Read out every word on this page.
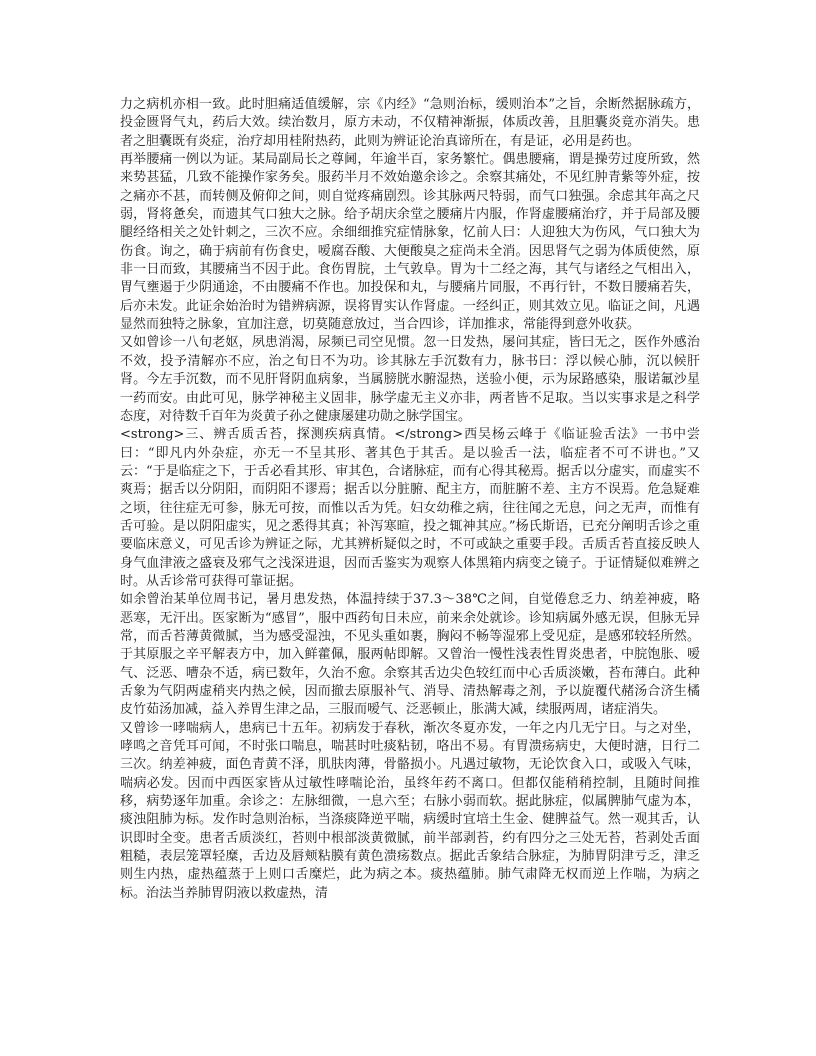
力之病机亦相一致。此时胆痛适值缓解，宗《内经》“急则治标，缓则治本”之旨，余断然据脉疏方，投金匮肾气丸，药后大效。续治数月，原方未动，不仅精神渐振，体质改善，且胆囊炎竟亦消失。患者之胆囊既有炎症，治疗却用桂附热药，此则为辨证论治真谛所在，有是证，必用是药也。

再举腰痛一例以为证。某局副局长之尊阃，年逾半百，家务繁忙。偶患腰痛，谓是操劳过度所致，然来势甚猛，几致不能操作家务矣。服药半月不效始邀余诊之。余察其痛处，不见红肿青紫等外症，按之痛亦不甚，而转侧及俯仰之间，则自觉疼痛剧烈。诊其脉两尺特弱，而气口独强。余虑其年高之尺弱，肾将惫矣，而遗其气口独大之脉。给予胡庆余堂之腰痛片内服，作肾虚腰痛治疗，并于局部及腰腿经络相关之处针刺之，三次不应。余细细推究症情脉象，忆前人曰：人迎独大为伤风，气口独大为伤食。询之，确于病前有伤食史，嗳腐吞酸、大便酸臭之症尚未全消。因思肾气之弱为体质使然，原非一日而致，其腰痛当不因于此。食伤胃脘，土气敦阜。胃为十二经之海，其气与诸经之气相出入，胃气壅遏于少阴通途，不由腰痛不作也。加投保和丸，与腰痛片同服，不再行针，不数日腰痛若失，后亦未发。此证余始治时为错辨病源，误将胃实认作肾虚。一经纠正，则其效立见。临证之间，凡遇显然而独特之脉象，宜加注意，切莫随意放过，当合四诊，详加推求，常能得到意外收获。

又如曾诊一八旬老妪，夙患消渴，尿频已司空见惯。忽一日发热，屡问其症，皆曰无之，医作外感治不效，投予清解亦不应，治之旬日不为功。诊其脉左手沉数有力，脉书曰：浮以候心肺，沉以候肝肾。今左手沉数，而不见肝肾阴血病象，当属膀胱水腑湿热，送验小便，示为尿路感染，服诺氟沙星一药而安。由此可见，脉学神秘主义固非，脉学虚无主义亦非，两者皆不足取。当以实事求是之科学态度，对待数千百年为炎黄子孙之健康屡建功勋之脉学国宝。

<strong>三、辨舌质舌苔，探测疾病真情。</strong>西吴杨云峰于《临证验舌法》一书中尝曰：“即凡内外杂症，亦无一不呈其形、著其色于其舌。是以验舌一法，临症者不可不讲也。”又云：“于是临症之下，于舌必看其形、审其色，合诸脉症，而有心得其秘焉。据舌以分虚实，而虚实不爽焉；据舌以分阴阳，而阴阳不谬焉；据舌以分脏腑、配主方，而脏腑不差、主方不误焉。危急疑难之顷，往往症无可参，脉无可按，而惟以舌为凭。妇女幼稚之病，往往闻之无息，问之无声，而惟有舌可验。是以阴阳虚实，见之悉得其真；补泻寒暄，投之辄神其应。”杨氏斯语，已充分阐明舌诊之重要临床意义，可见舌诊为辨证之际，尤其辨析疑似之时，不可或缺之重要手段。舌质舌苔直接反映人身气血津液之盛衰及邪气之浅深进退，因而舌鉴实为观察人体黑箱内病变之镜子。于证情疑似难辨之时。从舌诊常可获得可靠证据。

如余曾治某单位周书记，暑月患发热，体温持续于37.3～38℃之间，自觉倦怠乏力、纳差神疲，略恶寒，无汗出。医家断为“感冒”，服中西药旬日未应，前来余处就诊。诊知病属外感无误，但脉无异常，而舌苔薄黄微腻，当为感受湿浊，不见头重如裹，胸闷不畅等湿邪上受见症，是感邪较轻所然。于其原服之辛平解表方中，加入鲜藿佩，服两帖即解。又曾治一慢性浅表性胃炎患者，中脘饱胀、嗳气、泛恶、嘈杂不适，病已数年，久治不愈。余察其舌边尖色较红而中心舌质淡嫩，苔布薄白。此种舌象为气阴两虚稍夹内热之候，因而撤去原服补气、消导、清热解毒之剂，予以旋覆代赭汤合济生橘皮竹茹汤加减，益入养胃生津之品，三服而嗳气、泛恶顿止，胀满大减，续服两周，诸症消失。

又曾诊一哮喘病人，患病已十五年。初病发于春秋，渐次冬夏亦发，一年之内几无宁日。与之对坐，哮鸣之音凭耳可闻，不时张口喘息，喘甚时吐痰粘韧，咯出不易。有胃溃疡病史，大便时溏，日行二三次。纳差神疲，面色青黄不泽，肌肤肉薄，骨骼损小。凡遇过敏物，无论饮食入口，或吸入气味，喘病必发。因而中西医家皆从过敏性哮喘论治，虽终年药不离口。但都仅能稍稍控制，且随时间推移，病势逐年加重。余诊之：左脉细微，一息六至；右脉小弱而软。据此脉症，似属脾肺气虚为本，痰浊阻肺为标。发作时急则治标，当涤痰降逆平喘，病缓时宜培土生金、健脾益气。然一观其舌，认识即时全变。患者舌质淡红，苔则中根部淡黄微腻，前半部剥苔，约有四分之三处无苔，苔剥处舌面粗糙，表层笼罩轻糜，舌边及唇颊粘膜有黄色溃疡数点。据此舌象结合脉症，为肺胃阴津亏乏，津乏则生内热，虚热蕴蒸于上则口舌糜烂，此为病之本。痰热蕴肺。肺气肃降无权而逆上作喘，为病之标。治法当养肺胃阴液以救虚热，清
